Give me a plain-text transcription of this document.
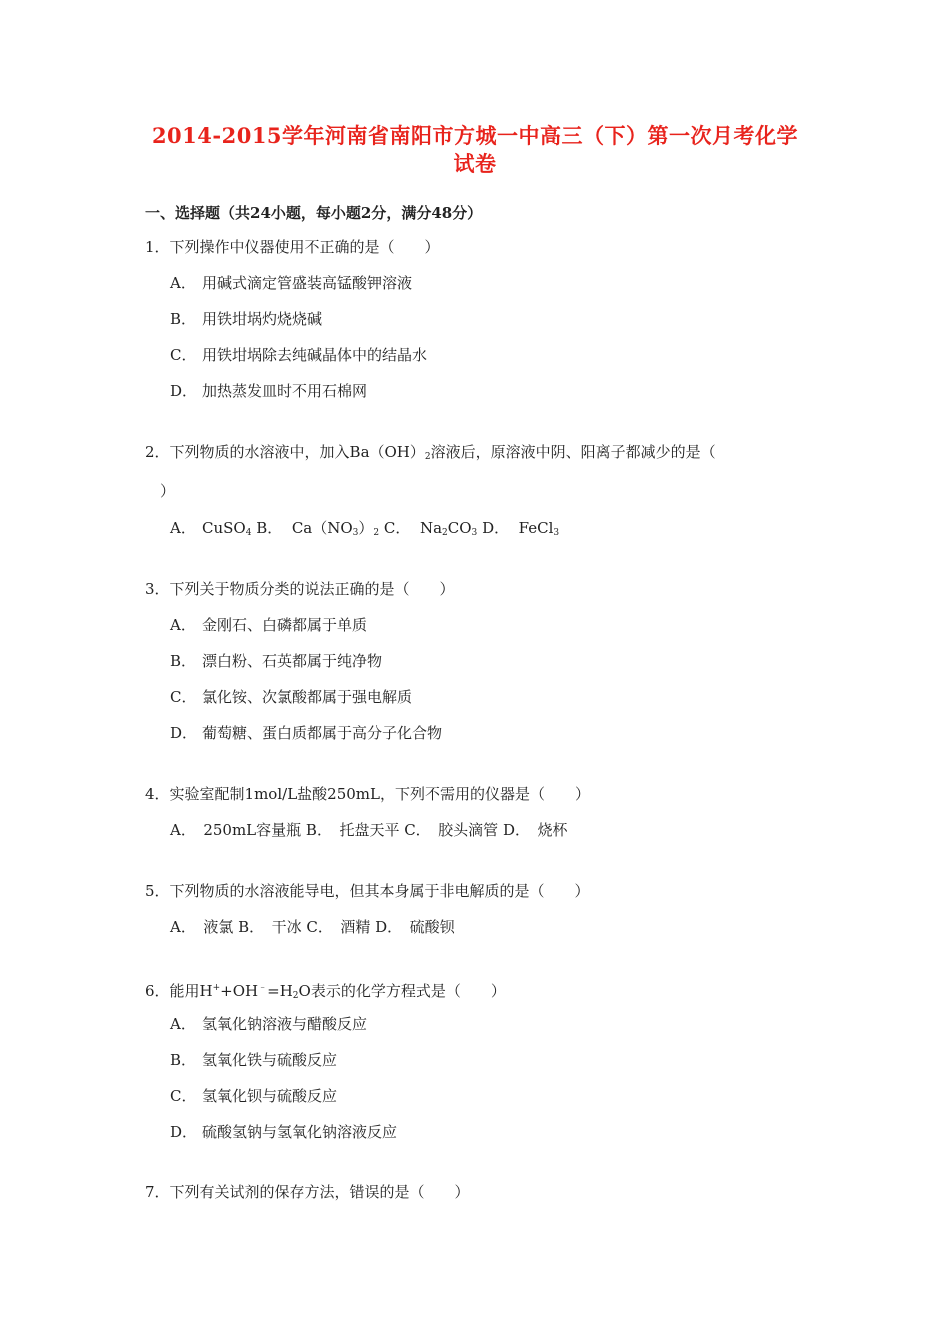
2014-2015学年河南省南阳市方城一中高三（下）第一次月考化学
试卷
一、选择题（共24小题，每小题2分，满分48分）
1．下列操作中仪器使用不正确的是（　　）
A． 用碱式滴定管盛装高锰酸钾溶液
B． 用铁坩埚灼烧烧碱
C． 用铁坩埚除去纯碱晶体中的结晶水
D． 加热蒸发皿时不用石棉网
2．下列物质的水溶液中，加入$Ba(OH)_2$溶液后，原溶液中阴、阳离子都减少的是（
）
A． CuSO$_4$ B． $Ca(NO_3)_2$ C． $Na_2CO_3$ D． FeCl$_3$
3．下列关于物质分类的说法正确的是（　　）
A． 金刚石、白磷都属于单质
B． 漂白粉、石英都属于纯净物
C． 氯化铵、次氯酸都属于强电解质
D． 葡萄糖、蛋白质都属于高分子化合物
4．实验室配制1mol/L盐酸250mL，下列不需用的仪器是（　　）
A．　250mL容量瓶 B．　托盘天平 C．　胶头滴管 D．　烧杯
5．下列物质的水溶液能导电，但其本身属于非电解质的是（　　）
A．　液氯 B．　干冰 C．　酒精 D．　硫酸钡
6．能用$H^++OH^﹣=H_2O$表示的化学方程式是（　　）
A． 氢氧化钠溶液与醋酸反应
B． 氢氧化铁与硫酸反应
C． 氢氧化钡与硫酸反应
D． 硫酸氢钠与氢氧化钠溶液反应
7．下列有关试剂的保存方法，错误的是（　　）
